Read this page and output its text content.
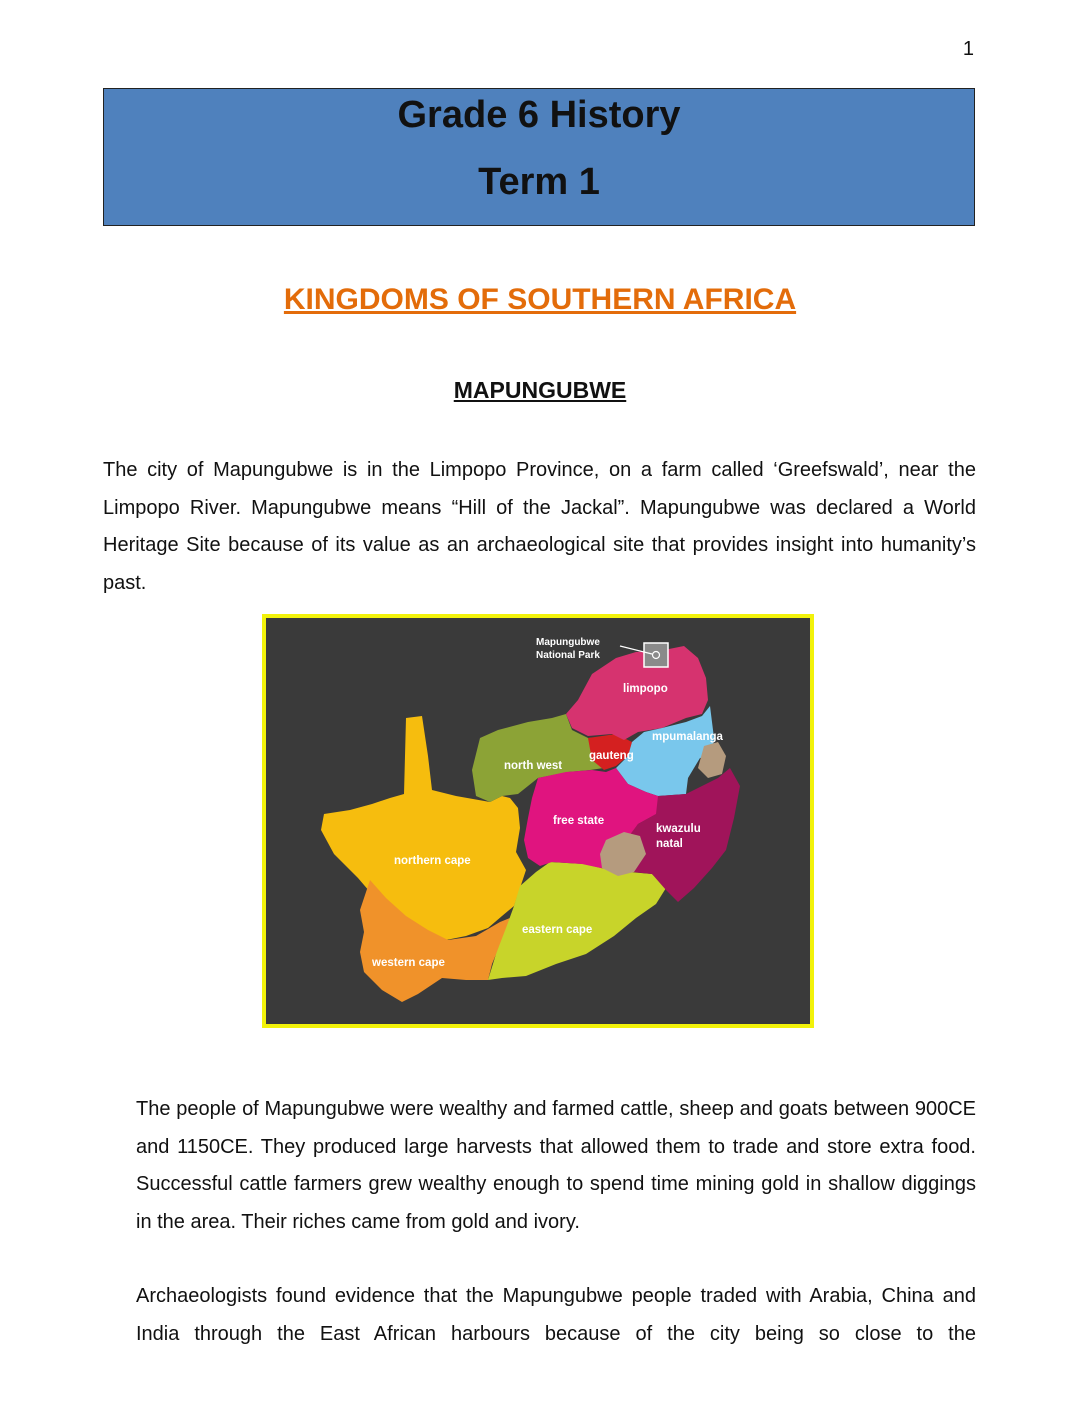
1
Grade 6 History
Term 1
KINGDOMS OF SOUTHERN AFRICA
MAPUNGUBWE

The city of Mapungubwe is in the Limpopo Province, on a farm called ‘Greefswald’, near the Limpopo River. Mapungubwe means “Hill of the Jackal”. Mapungubwe was declared a World Heritage Site because of its value as an archaeological site that provides insight into humanity’s past.

Mapungubwe
National Park
limpopo
mpumalanga
gauteng
north west
free state
kwazulu
natal
northern cape
eastern cape
western cape

The people of Mapungubwe were wealthy and farmed cattle, sheep and goats between 900CE and 1150CE. They produced large harvests that allowed them to trade and store extra food. Successful cattle farmers grew wealthy enough to spend time mining gold in shallow diggings in the area. Their riches came from gold and ivory.

Archaeologists found evidence that the Mapungubwe people traded with Arabia, China and India through the East African harbours because of the city being so close to the
